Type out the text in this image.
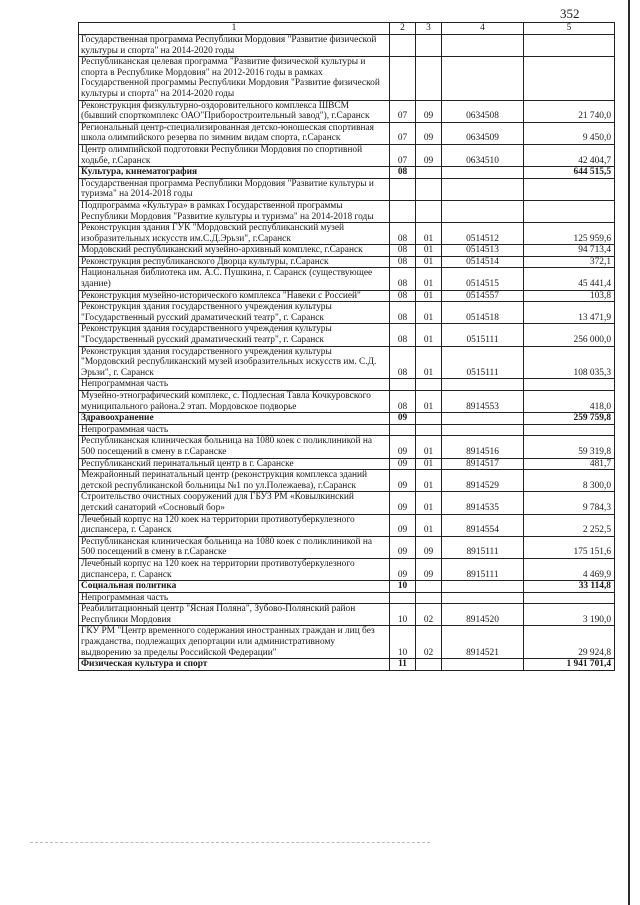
352
1	2	3	4	5
Государственная программа Республики Мордовия "Развитие физической культуры и спорта" на 2014-2020 годы				
Республиканская целевая программа "Развитие физической культуры и спорта в Республике Мордовия" на 2012-2016 годы в рамках Государственной программы Республики Мордовия "Развитие физической культуры и спорта" на 2014-2020 годы				
Реконструкция физкультурно-оздоровительного комплекса ШВСМ (бывший спорткомплекс ОАО"Приборостроительный завод"), г.Саранск	07	09	0634508	21 740,0
Региональный центр-специализированная детско-юношеская спортивная школа олимпийского резерва по зимним видам спорта, г.Саранск	07	09	0634509	9 450,0
Центр олимпийской подготовки Республики Мордовия по спортивной ходьбе, г.Саранск	07	09	0634510	42 404,7
Культура, кинематография	08			644 515,5
Государственная программа Республики Мордовия "Развитие культуры и туризма" на 2014-2018 годы				
Подпрограмма «Культура» в рамках Государственной программы Республики Мордовия "Развитие культуры и туризма" на 2014-2018 годы				
Реконструкция здания ГУК "Мордовский республиканский музей изобразительных искусств им.С.Д.Эрьзи", г.Саранск	08	01	0514512	125 959,6
Мордовский республиканский музейно-архивный комплекс, г.Саранск	08	01	0514513	94 713,4
Реконструкция республиканского Дворца культуры, г.Саранск	08	01	0514514	372,1
Национальная библиотека им. А.С. Пушкина, г. Саранск (существующее здание)	08	01	0514515	45 441,4
Реконструкция музейно-исторического комплекса "Навеки с Россией"	08	01	0514557	103,8
Реконструкция здания государственного учреждения культуры "Государственный русский драматический театр", г. Саранск	08	01	0514518	13 471,9
Реконструкция здания государственного учреждения культуры "Государственный русский драматический театр", г. Саранск	08	01	0515111	256 000,0
Реконструкция здания государственного учреждения культуры "Мордовский республиканский музей изобразительных искусств им. С.Д. Эрьзи", г. Саранск	08	01	0515111	108 035,3
Непрограммная часть				
Музейно-этнографический комплекс, с. Подлесная Тавла Кочкуровского муниципального района.2 этап. Мордовское подворье	08	01	8914553	418,0
Здравоохранение	09			259 759,8
Непрограммная часть				
Республиканская клиническая больница на 1080 коек с поликлиникой на 500 посещений в смену в г.Саранске	09	01	8914516	59 319,8
Республиканский перинатальный центр в г. Саранске	09	01	8914517	481,7
Межрайонный перинатальный центр (реконструкция комплекса зданий детской республиканской больницы №1 по ул.Полежаева), г.Саранск	09	01	8914529	8 300,0
Строительство очистных сооружений для ГБУЗ РМ «Ковылкинский детский санаторий «Сосновый бор»	09	01	8914535	9 784,3
Лечебный корпус на 120 коек на территории противотуберкулезного диспансера, г. Саранск	09	01	8914554	2 252,5
Республиканская клиническая больница на 1080 коек с поликлиникой на 500 посещений в смену в г.Саранске	09	09	8915111	175 151,6
Лечебный корпус на 120 коек на территории противотуберкулезного диспансера, г. Саранск	09	09	8915111	4 469,9
Социальная политика	10			33 114,8
Непрограммная часть				
Реабилитационный центр "Ясная Поляна", Зубово-Полянский район Республики Мордовия	10	02	8914520	3 190,0
ГКУ РМ "Центр временного содержания иностранных граждан и лиц без гражданства, подлежащих депортации или административному выдворению за пределы Российской Федерации"	10	02	8914521	29 924,8
Физическая культура и спорт	11			1 941 701,4
